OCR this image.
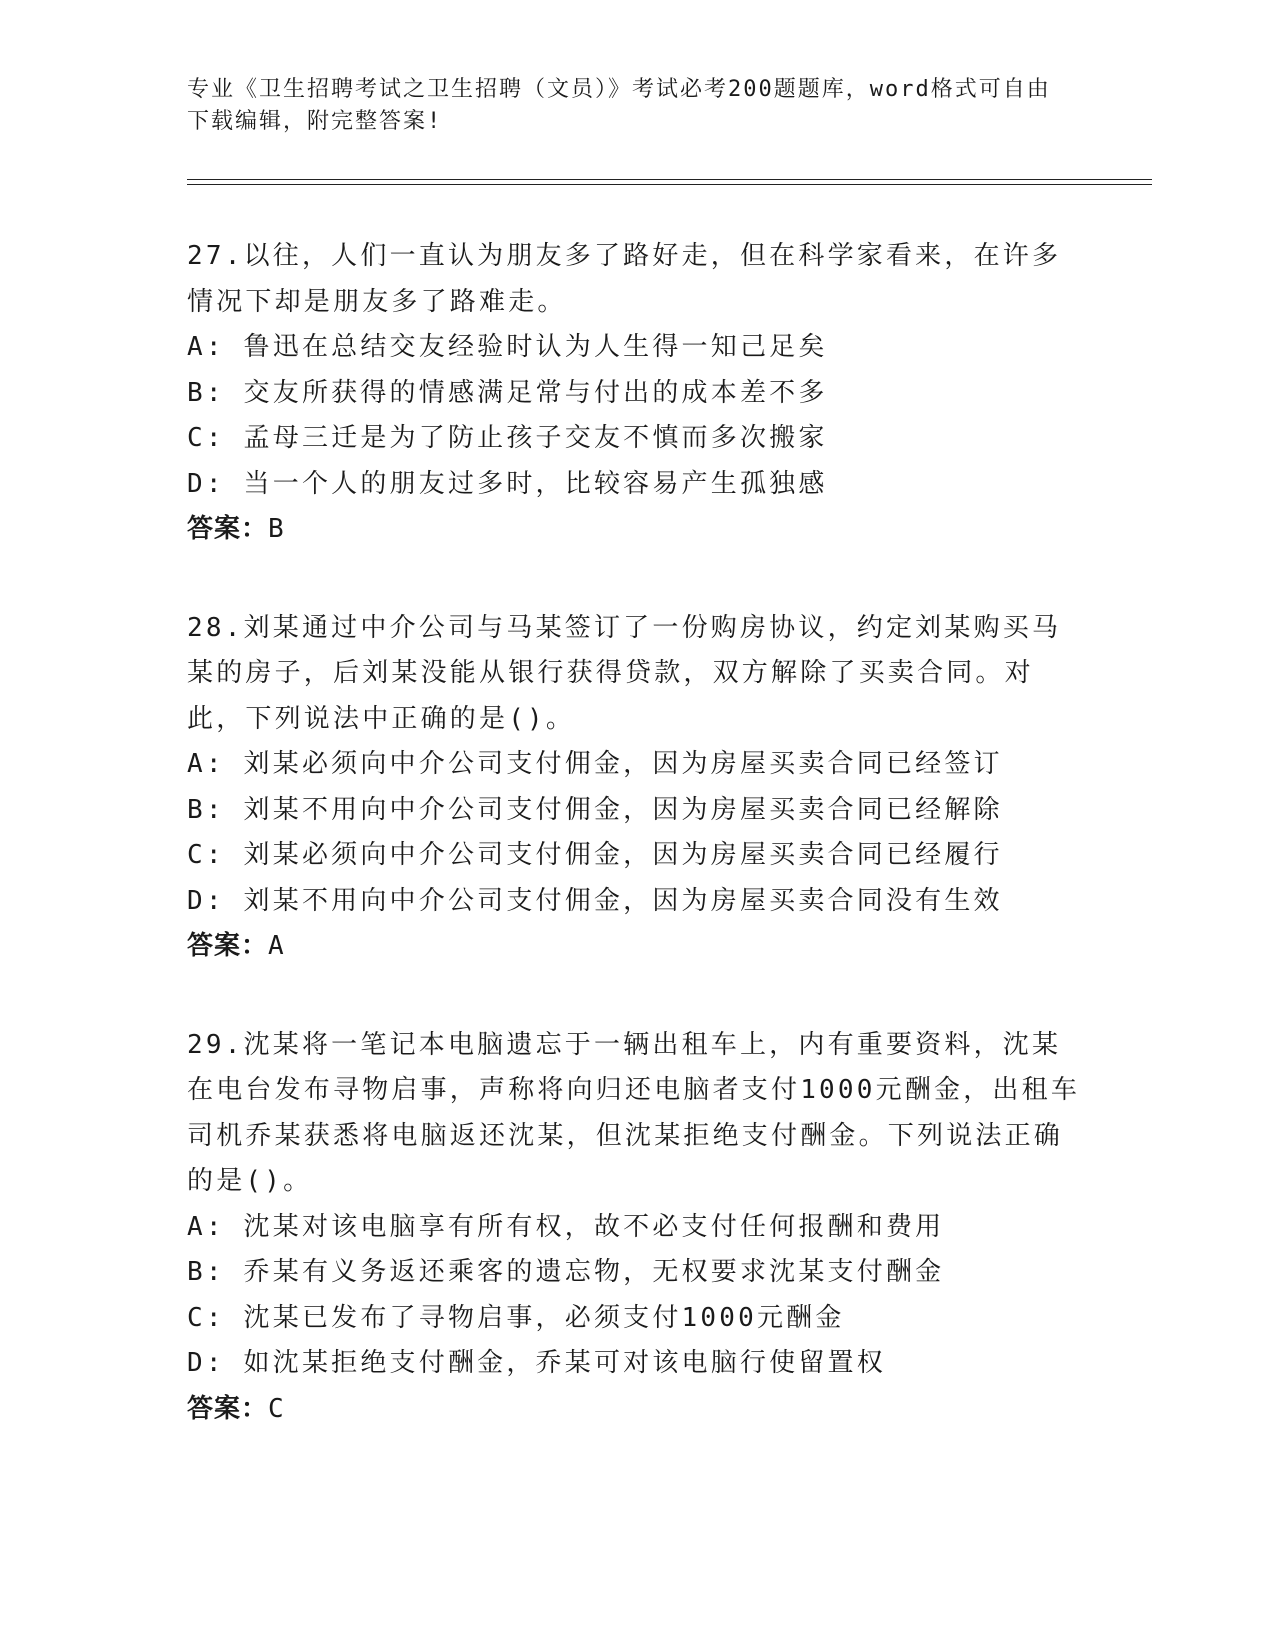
专业《卫生招聘考试之卫生招聘（文员）》考试必考200题题库，word格式可自由下载编辑，附完整答案!
27.以往，人们一直认为朋友多了路好走，但在科学家看来，在许多情况下却是朋友多了路难走。
A: 鲁迅在总结交友经验时认为人生得一知己足矣
B: 交友所获得的情感满足常与付出的成本差不多
C: 孟母三迁是为了防止孩子交友不慎而多次搬家
D: 当一个人的朋友过多时，比较容易产生孤独感
答案：B
28.刘某通过中介公司与马某签订了一份购房协议，约定刘某购买马某的房子，后刘某没能从银行获得贷款，双方解除了买卖合同。对此，下列说法中正确的是()。
A: 刘某必须向中介公司支付佣金，因为房屋买卖合同已经签订
B: 刘某不用向中介公司支付佣金，因为房屋买卖合同已经解除
C: 刘某必须向中介公司支付佣金，因为房屋买卖合同已经履行
D: 刘某不用向中介公司支付佣金，因为房屋买卖合同没有生效
答案：A
29.沈某将一笔记本电脑遗忘于一辆出租车上，内有重要资料，沈某在电台发布寻物启事，声称将向归还电脑者支付1000元酬金，出租车司机乔某获悉将电脑返还沈某，但沈某拒绝支付酬金。下列说法正确的是()。
A: 沈某对该电脑享有所有权，故不必支付任何报酬和费用
B: 乔某有义务返还乘客的遗忘物，无权要求沈某支付酬金
C: 沈某已发布了寻物启事，必须支付1000元酬金
D: 如沈某拒绝支付酬金，乔某可对该电脑行使留置权
答案：C
